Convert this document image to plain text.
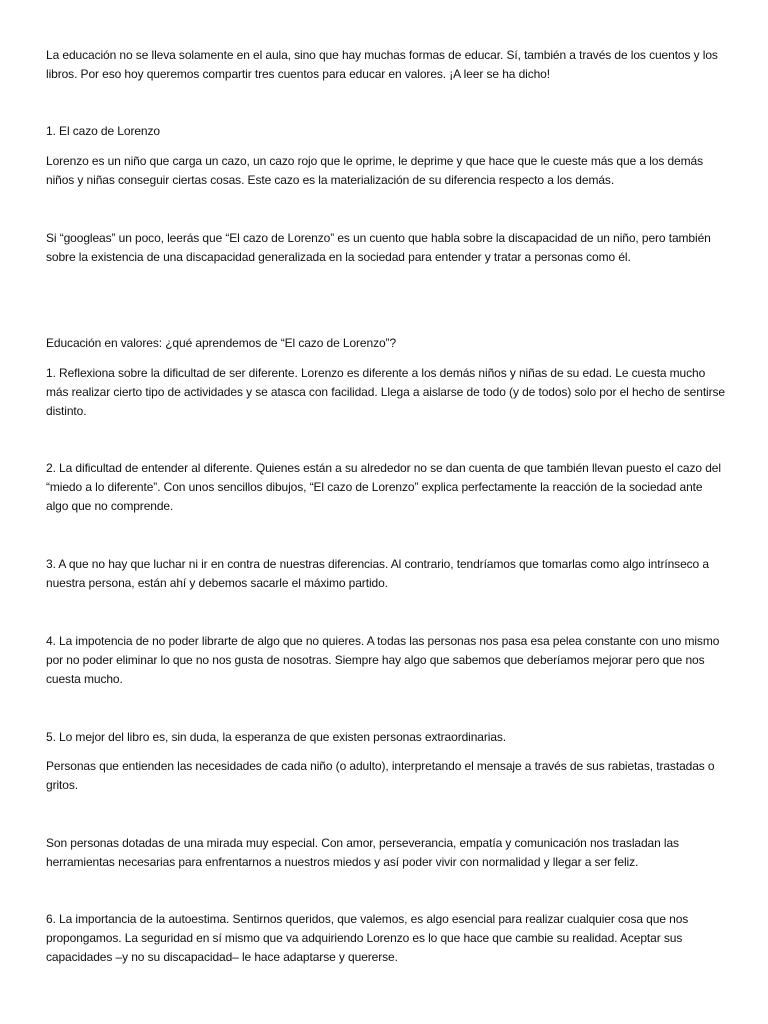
La educación no se lleva solamente en el aula, sino que hay muchas formas de educar. Sí, también a través de los cuentos y los libros. Por eso hoy queremos compartir tres cuentos para educar en valores. ¡A leer se ha dicho!

1. El cazo de Lorenzo

Lorenzo es un niño que carga un cazo, un cazo rojo que le oprime, le deprime y que hace que le cueste más que a los demás niños y niñas conseguir ciertas cosas. Este cazo es la materialización de su diferencia respecto a los demás.

Si “googleas” un poco, leerás que “El cazo de Lorenzo” es un cuento que habla sobre la discapacidad de un niño, pero también sobre la existencia de una discapacidad generalizada en la sociedad para entender y tratar a personas como él.

Educación en valores: ¿qué aprendemos de “El cazo de Lorenzo”?

1. Reflexiona sobre la dificultad de ser diferente. Lorenzo es diferente a los demás niños y niñas de su edad. Le cuesta mucho más realizar cierto tipo de actividades y se atasca con facilidad. Llega a aislarse de todo (y de todos) solo por el hecho de sentirse distinto.

2. La dificultad de entender al diferente. Quienes están a su alrededor no se dan cuenta de que también llevan puesto el cazo del “miedo a lo diferente”. Con unos sencillos dibujos, “El cazo de Lorenzo” explica perfectamente la reacción de la sociedad ante algo que no comprende.

3. A que no hay que luchar ni ir en contra de nuestras diferencias. Al contrario, tendríamos que tomarlas como algo intrínseco a nuestra persona, están ahí y debemos sacarle el máximo partido.

4. La impotencia de no poder librarte de algo que no quieres. A todas las personas nos pasa esa pelea constante con uno mismo por no poder eliminar lo que no nos gusta de nosotras. Siempre hay algo que sabemos que deberíamos mejorar pero que nos cuesta mucho.

5. Lo mejor del libro es, sin duda, la esperanza de que existen personas extraordinarias.

Personas que entienden las necesidades de cada niño (o adulto), interpretando el mensaje a través de sus rabietas, trastadas o gritos.

Son personas dotadas de una mirada muy especial. Con amor, perseverancia, empatía y comunicación nos trasladan las herramientas necesarias para enfrentarnos a nuestros miedos y así poder vivir con normalidad y llegar a ser feliz.

6. La importancia de la autoestima. Sentirnos queridos, que valemos, es algo esencial para realizar cualquier cosa que nos propongamos. La seguridad en sí mismo que va adquiriendo Lorenzo es lo que hace que cambie su realidad. Aceptar sus capacidades –y no su discapacidad– le hace adaptarse y quererse.
